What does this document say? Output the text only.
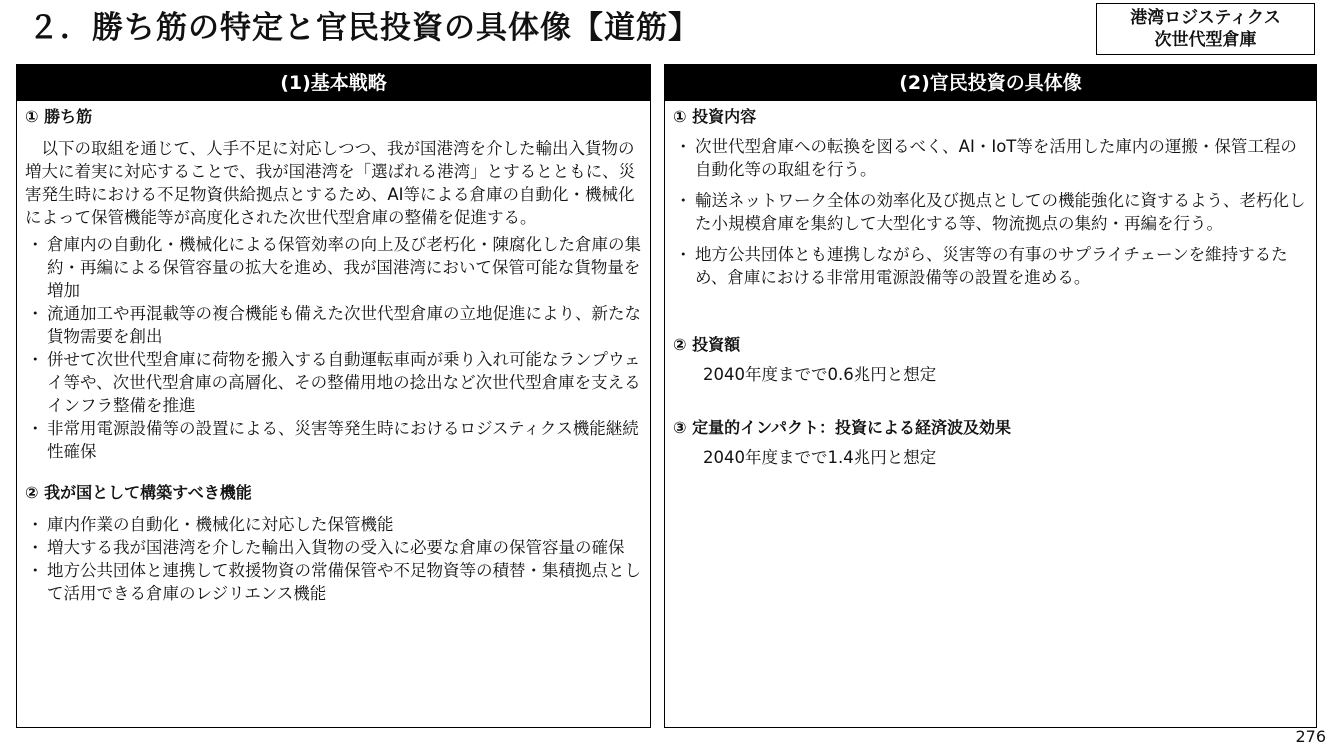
２．勝ち筋の特定と官民投資の具体像【道筋】	港湾ロジスティクス
次世代型倉庫
(1)基本戦略
① 勝ち筋

以下の取組を通じて、人手不足に対応しつつ、我が国港湾を介した輸出入貨物の増大に着実に対応することで、我が国港湾を「選ばれる港湾」とするとともに、災害発生時における不足物資供給拠点とするため、AI等による倉庫の自動化・機械化によって保管機能等が高度化された次世代型倉庫の整備を促進する。

・ 倉庫内の自動化・機械化による保管効率の向上及び老朽化・陳腐化した倉庫の集約・再編による保管容量の拡大を進め、我が国港湾において保管可能な貨物量を増加
・ 流通加工や再混載等の複合機能も備えた次世代型倉庫の立地促進により、新たな貨物需要を創出
・ 併せて次世代型倉庫に荷物を搬入する自動運転車両が乗り入れ可能なランプウェイ等や、次世代型倉庫の高層化、その整備用地の捻出など次世代型倉庫を支えるインフラ整備を推進
・ 非常用電源設備等の設置による、災害等発生時におけるロジスティクス機能継続性確保
② 我が国として構築すべき機能
・ 庫内作業の自動化・機械化に対応した保管機能
・ 増大する我が国港湾を介した輸出入貨物の受入に必要な倉庫の保管容量の確保
・ 地方公共団体と連携して救援物資の常備保管や不足物資等の積替・集積拠点として活用できる倉庫のレジリエンス機能
(2)官民投資の具体像
① 投資内容
・ 次世代型倉庫への転換を図るべく、AI・IoT等を活用した庫内の運搬・保管工程の自動化等の取組を行う。
・ 輸送ネットワーク全体の効率化及び拠点としての機能強化に資するよう、老朽化した小規模倉庫を集約して大型化する等、物流拠点の集約・再編を行う。
・ 地方公共団体とも連携しながら、災害等の有事のサプライチェーンを維持するため、倉庫における非常用電源設備等の設置を進める。
② 投資額
2040年度までで0.6兆円と想定
③ 定量的インパクト：投資による経済波及効果
2040年度までで1.4兆円と想定
276
